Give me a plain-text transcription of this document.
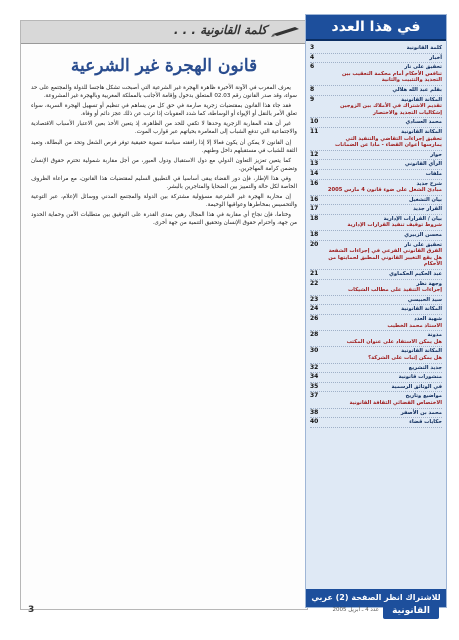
كلمة القانونية . . .
قانون الهجرة غير الشرعية

يعرف المغرب في الآونة الأخيرة ظاهرة الهجرة غير الشرعية التي أصبحت تشكل هاجسا للدولة والمجتمع على حد سواء، وقد صدر القانون رقم 02.03 المتعلق بدخول وإقامة الأجانب بالمملكة المغربية وبالهجرة غير المشروعة.

فقد جاء هذا القانون بمقتضيات زجرية صارمة في حق كل من يساهم في تنظيم أو تسهيل الهجرة السرية، سواء تعلق الأمر بالنقل أو الإيواء أو الوساطة، كما شدد العقوبات إذا ترتب عن ذلك عجز دائم أو وفاة.

غير أن هذه المقاربة الزجرية وحدها لا تكفي للحد من الظاهرة، إذ يتعين الأخذ بعين الاعتبار الأسباب الاقتصادية والاجتماعية التي تدفع الشباب إلى المغامرة بحياتهم عبر قوارب الموت.

إن القانون لا يمكن أن يكون فعالا إلا إذا رافقته سياسة تنموية حقيقية توفر فرص الشغل وتحد من البطالة، وتعيد الثقة للشباب في مستقبلهم داخل وطنهم.

كما يتعين تعزيز التعاون الدولي مع دول الاستقبال ودول العبور، من أجل مقاربة شمولية تحترم حقوق الإنسان وتضمن كرامة المهاجرين.

وفي هذا الإطار، فإن دور القضاء يبقى أساسيا في التطبيق السليم لمقتضيات هذا القانون، مع مراعاة الظروف الخاصة لكل حالة والتمييز بين الضحايا والمتاجرين بالبشر.

إن محاربة الهجرة غير الشرعية مسؤولية مشتركة بين الدولة والمجتمع المدني ووسائل الإعلام، عبر التوعية والتحسيس بمخاطرها وعواقبها الوخيمة.

وختاما، فإن نجاح أي مقاربة في هذا المجال رهين بمدى القدرة على التوفيق بين متطلبات الأمن وحماية الحدود من جهة، واحترام حقوق الإنسان وتحقيق التنمية من جهة أخرى.

في هذا العدد
كلمة القانونية
3
أخبار
4
تحقيق على نار
تنافس الأحكام أمام محكمة التعقيب بين التجديد والتثبيت والثانية
6
بقلم عبد الله هلالي
8
المكانة القانونية
تقديم الاشتراك في الأملاك بين الزوجين إشكاليات التجديد والاختصار
9
محمد العسادي
10
المكانة القانونية
تحقيق إجراءات التقاضي والتنفيذ التي يمارسها أعوان القضاء - ماذا عن الضمانات
11
حوار
12
الرأي القانوني
13
ملفات
14
شرح جديد
مبادئ الشغل على ضوء قانون 4 مارس 2005
16
بيان التشغيل
16
القرار جديد
17
بيان / القرارات الإدارية
شروط توقيف تنفيذ القرارات الإدارية
18
محسن الزبيري
18
تحقيق على نار
الفرق القانوني الفرعي في إجراءات الشفعة هل يقع التغيير القانوني المطبق لحمايتها من الأحكام
20
عبد الحكيم الحكماوي
21
وجهة نظر
إجراءات التنفيذ على مطالب الشيكات
22
سيد الحبيسي
23
المكانة القانونية
24
شهية العدد
الاستاذ محمد الخطيب
26
مدونة
هل يمكن الاستفاد على عنوان المكتب
28
المكانة القانونية
هل يمكن إثبات على الشركة؟
30
جديد التشريع
32
منشورات قانونية
34
في الوثائق الرسمية
35
مواضيع وتاريخ
الاختصاص القضائي الثقافة القانونية
37
محمد بن الأصفر
38
حكايات قضاء
40
للاشتراك انظر الصفحة (2) عربي
3	عدد 4 ـ أبريل 2005	القانونية
